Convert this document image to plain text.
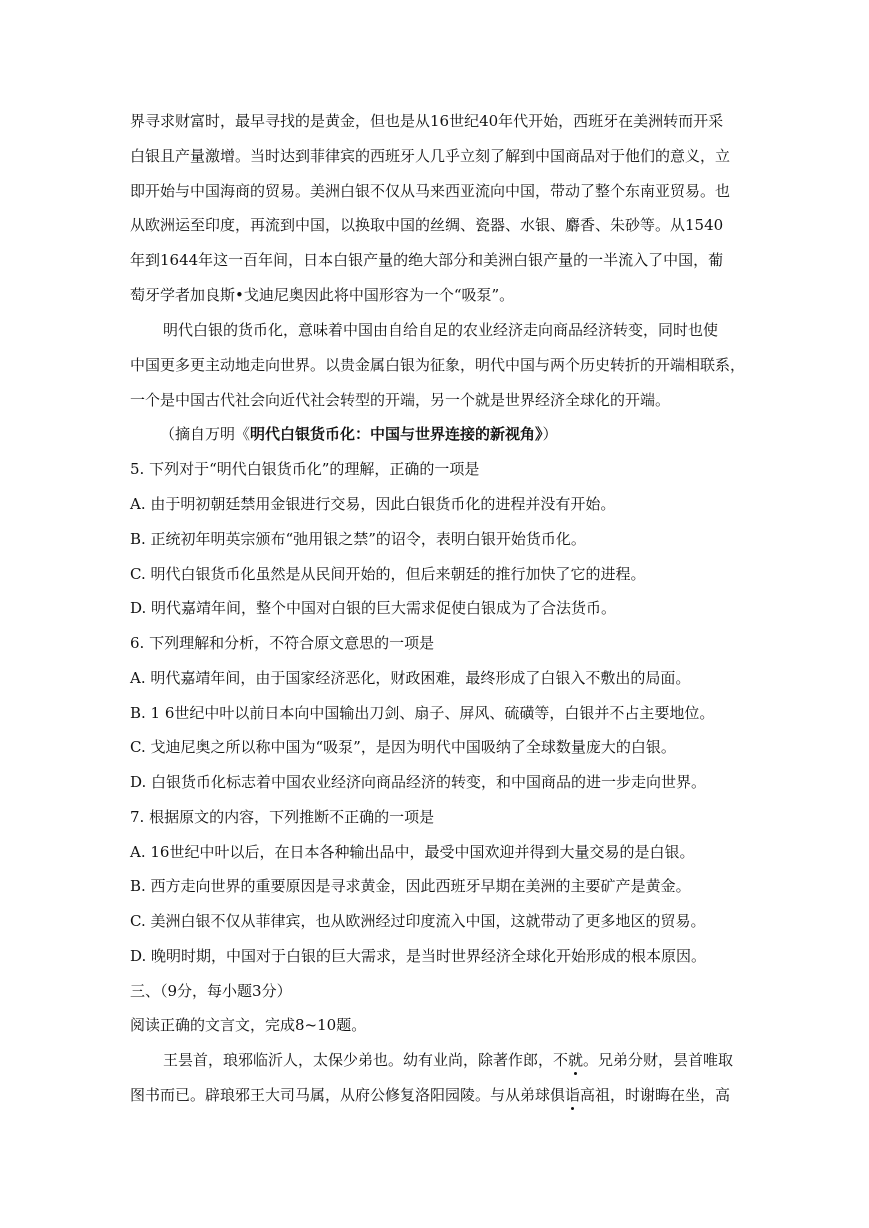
界寻求财富时，最早寻找的是黄金，但也是从16世纪40年代开始，西班牙在美洲转而开采
白银且产量激增。当时达到菲律宾的西班牙人几乎立刻了解到中国商品对于他们的意义，立
即开始与中国海商的贸易。美洲白银不仅从马来西亚流向中国，带动了整个东南亚贸易。也
从欧洲运至印度，再流到中国，以换取中国的丝绸、瓷器、水银、麝香、朱砂等。从1540
年到1644年这一百年间，日本白银产量的绝大部分和美洲白银产量的一半流入了中国，葡
萄牙学者加良斯•戈迪尼奥因此将中国形容为一个“吸泵”。
明代白银的货币化，意味着中国由自给自足的农业经济走向商品经济转变，同时也使
中国更多更主动地走向世界。以贵金属白银为征象，明代中国与两个历史转折的开端相联系，
一个是中国古代社会向近代社会转型的开端，另一个就是世界经济全球化的开端。
（摘自万明《明代白银货币化：中国与世界连接的新视角》）
5. 下列对于“明代白银货币化”的理解，正确的一项是
A. 由于明初朝廷禁用金银进行交易，因此白银货币化的进程并没有开始。
B. 正统初年明英宗颁布“弛用银之禁”的诏令，表明白银开始货币化。
C. 明代白银货币化虽然是从民间开始的，但后来朝廷的推行加快了它的进程。
D. 明代嘉靖年间，整个中国对白银的巨大需求促使白银成为了合法货币。
6. 下列理解和分析，不符合原文意思的一项是
A. 明代嘉靖年间，由于国家经济恶化，财政困难，最终形成了白银入不敷出的局面。
B. 1 6世纪中叶以前日本向中国输出刀剑、扇子、屏风、硫磺等，白银并不占主要地位。
C. 戈迪尼奥之所以称中国为“吸泵”，是因为明代中国吸纳了全球数量庞大的白银。
D. 白银货币化标志着中国农业经济向商品经济的转变，和中国商品的进一步走向世界。
7. 根据原文的内容，下列推断不正确的一项是
A. 16世纪中叶以后，在日本各种输出品中，最受中国欢迎并得到大量交易的是白银。
B. 西方走向世界的重要原因是寻求黄金，因此西班牙早期在美洲的主要矿产是黄金。
C. 美洲白银不仅从菲律宾，也从欧洲经过印度流入中国，这就带动了更多地区的贸易。
D. 晚明时期，中国对于白银的巨大需求，是当时世界经济全球化开始形成的根本原因。
三、（9分，每小题3分）
阅读正确的文言文，完成8~10题。
王昙首，琅邪临沂人，太保少弟也。幼有业尚，除著作郎，不就。兄弟分财，昙首唯取
图书而已。辟琅邪王大司马属，从府公修复洛阳园陵。与从弟球俱诣高祖，时谢晦在坐，高
